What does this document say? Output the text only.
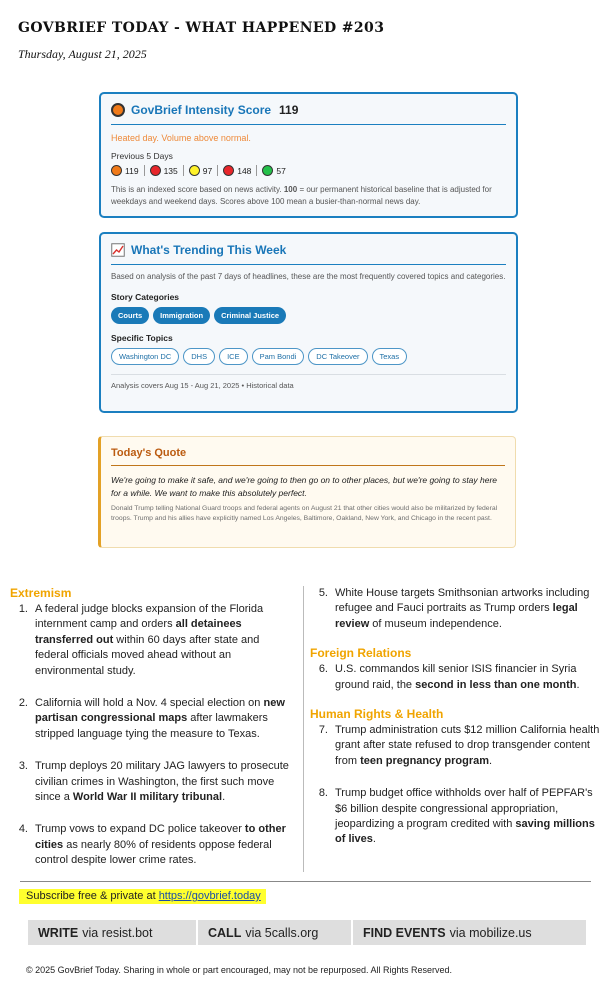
GOVBRIEF TODAY - WHAT HAPPENED #203
Thursday, August 21, 2025
GovBrief Intensity Score 119
Heated day. Volume above normal.
Previous 5 Days
119	135	97	148	57
This is an indexed score based on news activity. 100 = our permanent historical baseline that is adjusted for weekdays and weekend days. Scores above 100 mean a busier-than-normal news day.
What's Trending This Week
Based on analysis of the past 7 days of headlines, these are the most frequently covered topics and categories.
Story Categories
Courts	Immigration	Criminal Justice
Specific Topics
Washington DC	DHS	ICE	Pam Bondi	DC Takeover	Texas
Analysis covers Aug 15 - Aug 21, 2025 • Historical data
Today's Quote
We're going to make it safe, and we're going to then go on to other places, but we're going to stay here for a while. We want to make this absolutely perfect.
Donald Trump telling National Guard troops and federal agents on August 21 that other cities would also be militarized by federal troops. Trump and his allies have explicitly named Los Angeles, Baltimore, Oakland, New York, and Chicago in the recent past.
Extremism
1. A federal judge blocks expansion of the Florida internment camp and orders all detainees transferred out within 60 days after state and federal officials moved ahead without an environmental study.
2. California will hold a Nov. 4 special election on new partisan congressional maps after lawmakers stripped language tying the measure to Texas.
3. Trump deploys 20 military JAG lawyers to prosecute civilian crimes in Washington, the first such move since a World War II military tribunal.
4. Trump vows to expand DC police takeover to other cities as nearly 80% of residents oppose federal control despite lower crime rates.
5. White House targets Smithsonian artworks including refugee and Fauci portraits as Trump orders legal review of museum independence.
Foreign Relations
6. U.S. commandos kill senior ISIS financier in Syria ground raid, the second in less than one month.
Human Rights & Health
7. Trump administration cuts $12 million California health grant after state refused to drop transgender content from teen pregnancy program.
8. Trump budget office withholds over half of PEPFAR's $6 billion despite congressional appropriation, jeopardizing a program credited with saving millions of lives.
Subscribe free & private at https://govbrief.today
WRITE via resist.bot	CALL via 5calls.org	FIND EVENTS via mobilize.us
© 2025 GovBrief Today. Sharing in whole or part encouraged, may not be repurposed. All Rights Reserved.
